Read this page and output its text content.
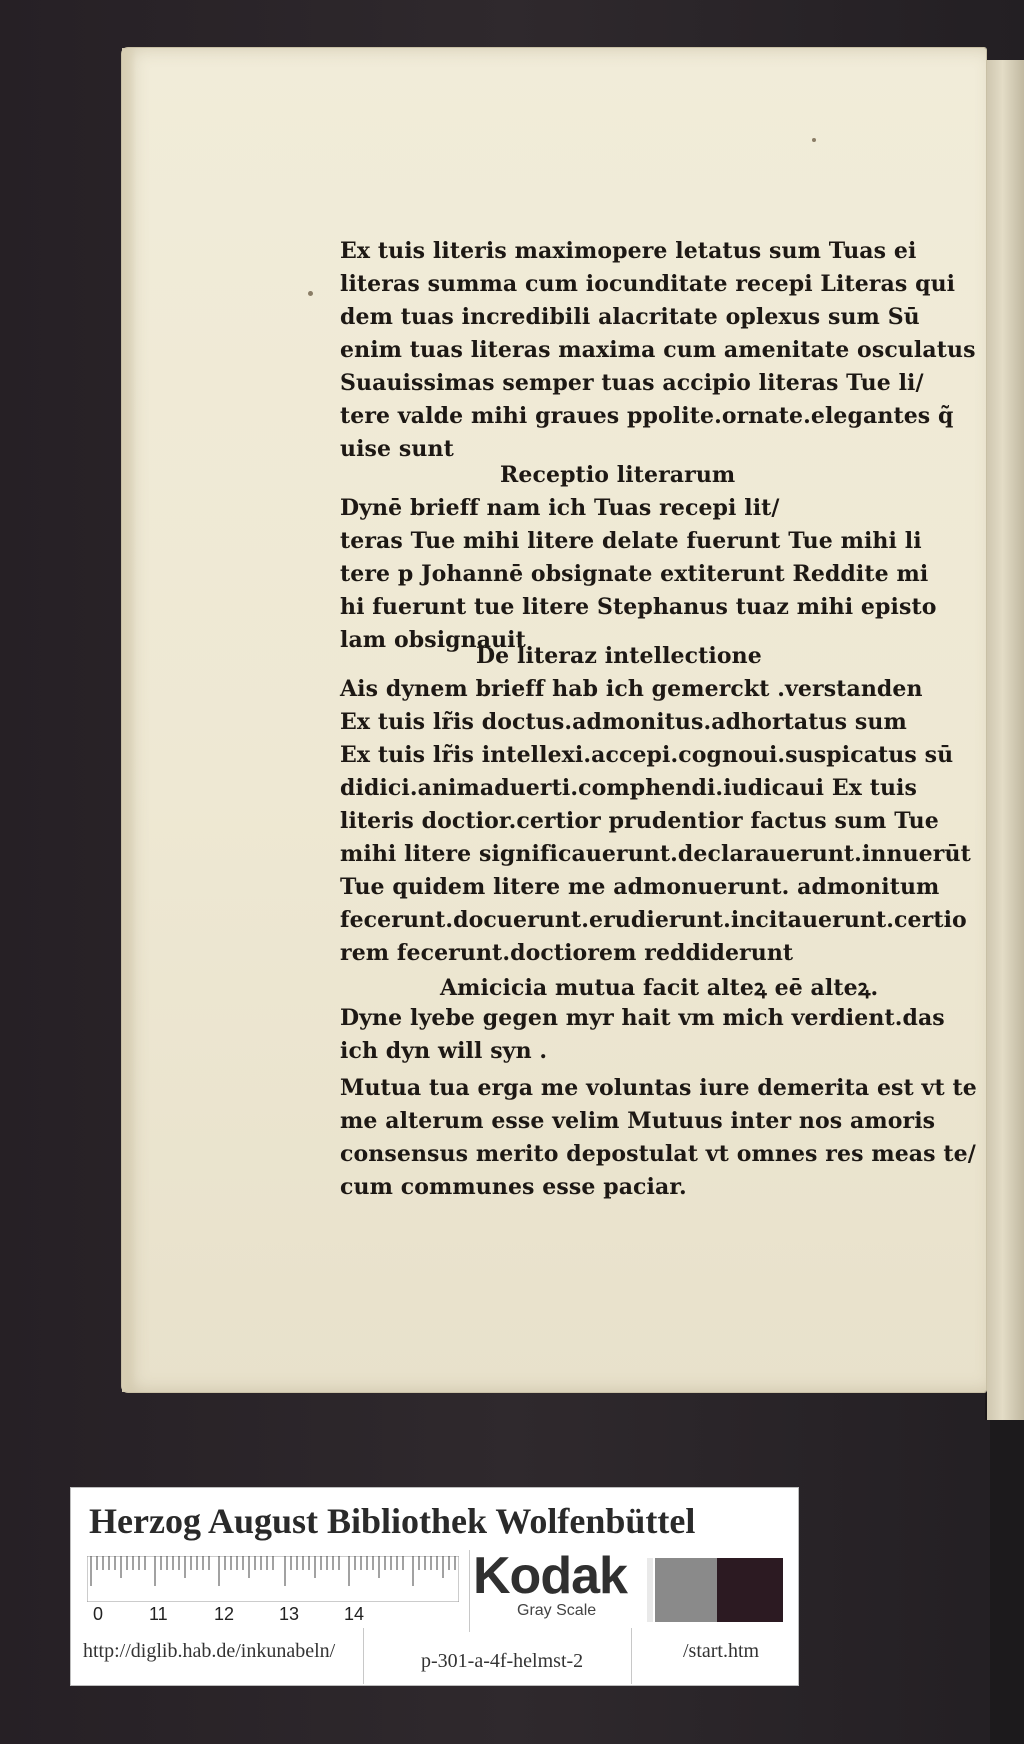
Ex tuis literis maximopere letatus sum Tuas ei
literas summa cum iocunditate recepi Literas qui
dem tuas incredibili alacritate oplexus sum Sū
enim tuas literas maxima cum amenitate osculatus
Suauissimas semper tuas accipio literas Tue li/
tere valde mihi graues ppolite.ornate.elegantes q̃
uise sunt
Receptio literarum
Dynē brieff nam ich Tuas recepi lit/
teras Tue mihi litere delate fuerunt Tue mihi li
tere p Johannē obsignate extiterunt Reddite mi
hi fuerunt tue litere Stephanus tuaz mihi episto
lam obsignauit
De literaz intellectione
Ais dynem brieff hab ich gemerckt .verstanden
Ex tuis lr̃is doctus.admonitus.adhortatus sum
Ex tuis lr̃is intellexi.accepi.cognoui.suspicatus sū
didici.animaduerti.comphendi.iudicaui Ex tuis
literis doctior.certior prudentior factus sum Tue
mihi litere significauerunt.declarauerunt.innuerūt
Tue quidem litere me admonuerunt. admonitum
fecerunt.docuerunt.erudierunt.incitauerunt.certio
rem fecerunt.doctiorem reddiderunt
Amicicia mutua facit alteꝝ eē alteꝝ.
Dyne lyebe gegen myr hait vm mich verdient.das
ich dyn will syn .
Mutua tua erga me voluntas iure demerita est vt te
me alterum esse velim Mutuus inter nos amoris
consensus merito depostulat vt omnes res meas te/
cum communes esse paciar.
Herzog August Bibliothek Wolfenbüttel
0	11	12 13 14
Kodak
Gray Scale
http://diglib.hab.de/inkunabeln/	p-301-a-4f-helmst-2	/start.htm
